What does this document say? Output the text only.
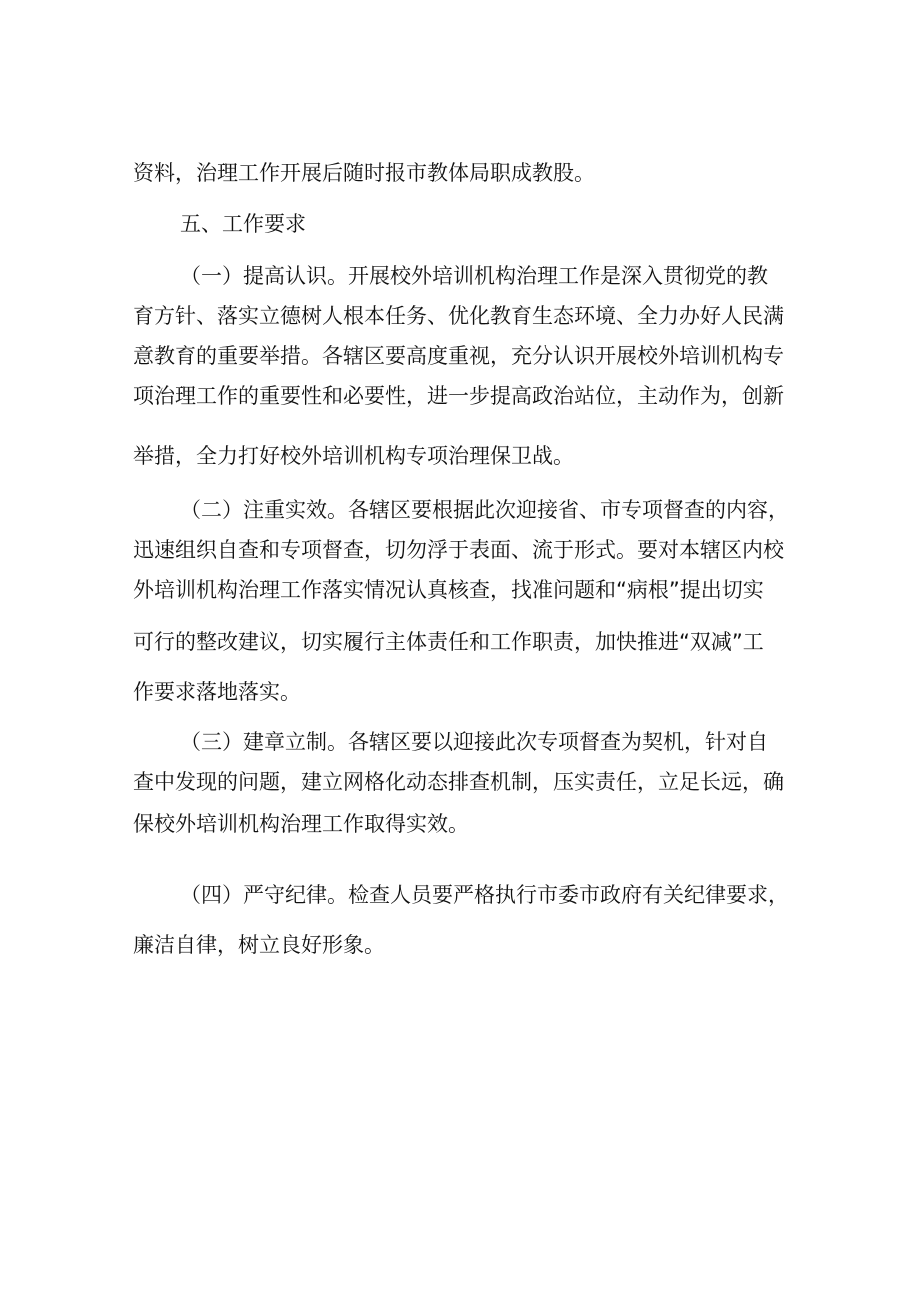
资料，治理工作开展后随时报市教体局职成教股。
五、工作要求
（一）提高认识。开展校外培训机构治理工作是深入贯彻党的教
育方针、落实立德树人根本任务、优化教育生态环境、全力办好人民满
意教育的重要举措。各辖区要高度重视，充分认识开展校外培训机构专
项治理工作的重要性和必要性，进一步提高政治站位，主动作为，创新
举措，全力打好校外培训机构专项治理保卫战。
（二）注重实效。各辖区要根据此次迎接省、市专项督查的内容，
迅速组织自查和专项督查，切勿浮于表面、流于形式。要对本辖区内校
外培训机构治理工作落实情况认真核查，找准问题和“病根”提出切实
可行的整改建议，切实履行主体责任和工作职责，加快推进“双减”工
作要求落地落实。
（三）建章立制。各辖区要以迎接此次专项督查为契机，针对自
查中发现的问题，建立网格化动态排查机制，压实责任，立足长远，确
保校外培训机构治理工作取得实效。
（四）严守纪律。检查人员要严格执行市委市政府有关纪律要求，
廉洁自律，树立良好形象。
